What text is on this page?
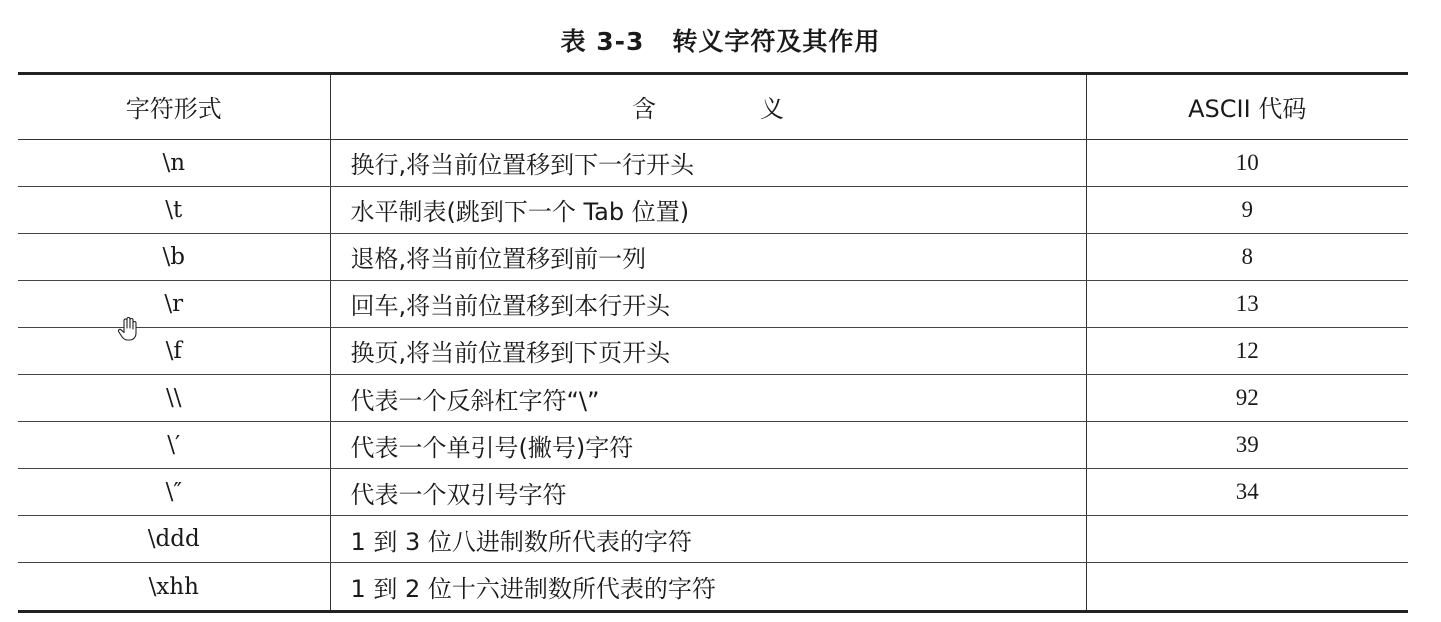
表 3-3 转义字符及其作用
字符形式	含　义	ASCII 代码
\n	换行,将当前位置移到下一行开头	10
\t	水平制表(跳到下一个 Tab 位置)	9
\b	退格,将当前位置移到前一列	8
\r	回车,将当前位置移到本行开头	13
\f	换页,将当前位置移到下页开头	12
\\	代表一个反斜杠字符“\”	92
\′	代表一个单引号(撇号)字符	39
\″	代表一个双引号字符	34
\ddd	1 到 3 位八进制数所代表的字符	
\xhh	1 到 2 位十六进制数所代表的字符	
